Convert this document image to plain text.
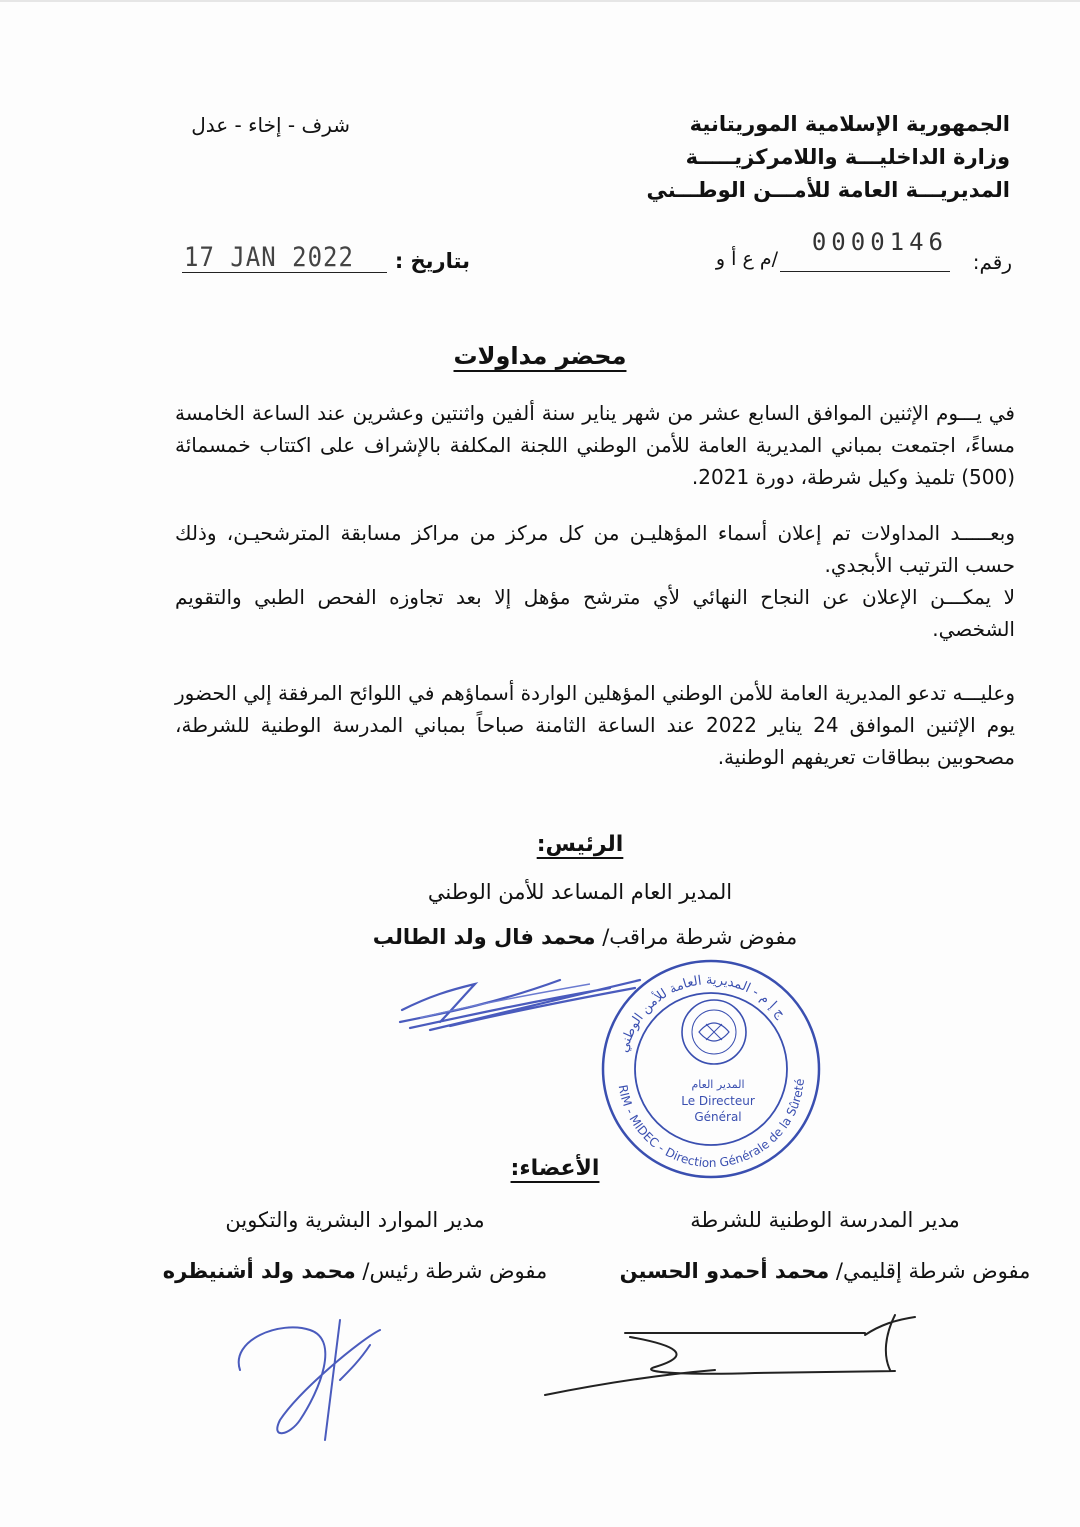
الجمهورية الإسلامية الموريتانية
وزارة الداخليـــة واللامركزيـــــة
المديريـــة العامة للأمـــن الوطـــني
شرف - إخاء - عدل
رقم:
0000146
/م ع أ و
بتاريخ :
17 JAN 2022
محضر مداولات
في يـــوم الإثنين الموافق السابع عشر من شهر يناير سنة ألفين واثنتين وعشرين عند الساعة الخامسة مساءً، اجتمعت بمباني المديرية العامة للأمن الوطني اللجنة المكلفة بالإشراف على اكتتاب خمسمائة (500) تلميذ وكيل شرطة، دورة 2021.
وبعـــــد المداولات تم إعلان أسماء المؤهليـن من كل مركز من مراكز مسابقة المترشحيـن، وذلك حسب الترتيب الأبجدي.
لا يمكـــن الإعلان عن النجاح النهائي لأي مترشح مؤهل إلا بعد تجاوزه الفحص الطبي والتقويم الشخصي.
وعليـــه تدعو المديرية العامة للأمن الوطني المؤهلين الواردة أسماؤهم في اللوائح المرفقة إلي الحضور يوم الإثنين الموافق 24 يناير 2022 عند الساعة الثامنة صباحاً بمباني المدرسة الوطنية للشرطة، مصحوبين ببطاقات تعريفهم الوطنية.
الرئيس:
المدير العام المساعد للأمن الوطني
مفوض شرطة مراقب/ محمد فال ولد الطالب
ج إ م - المديرية العامة للأمن الوطني
RIM - MIDEC - Direction Générale de la Sûreté
المدير العام
Le Directeur
Général
الأعضاء:
مدير المدرسة الوطنية للشرطة
مدير الموارد البشرية والتكوين
مفوض شرطة إقليمي/ محمد أحمدو الحسين
مفوض شرطة رئيس/ محمد ولد أشنيظره
